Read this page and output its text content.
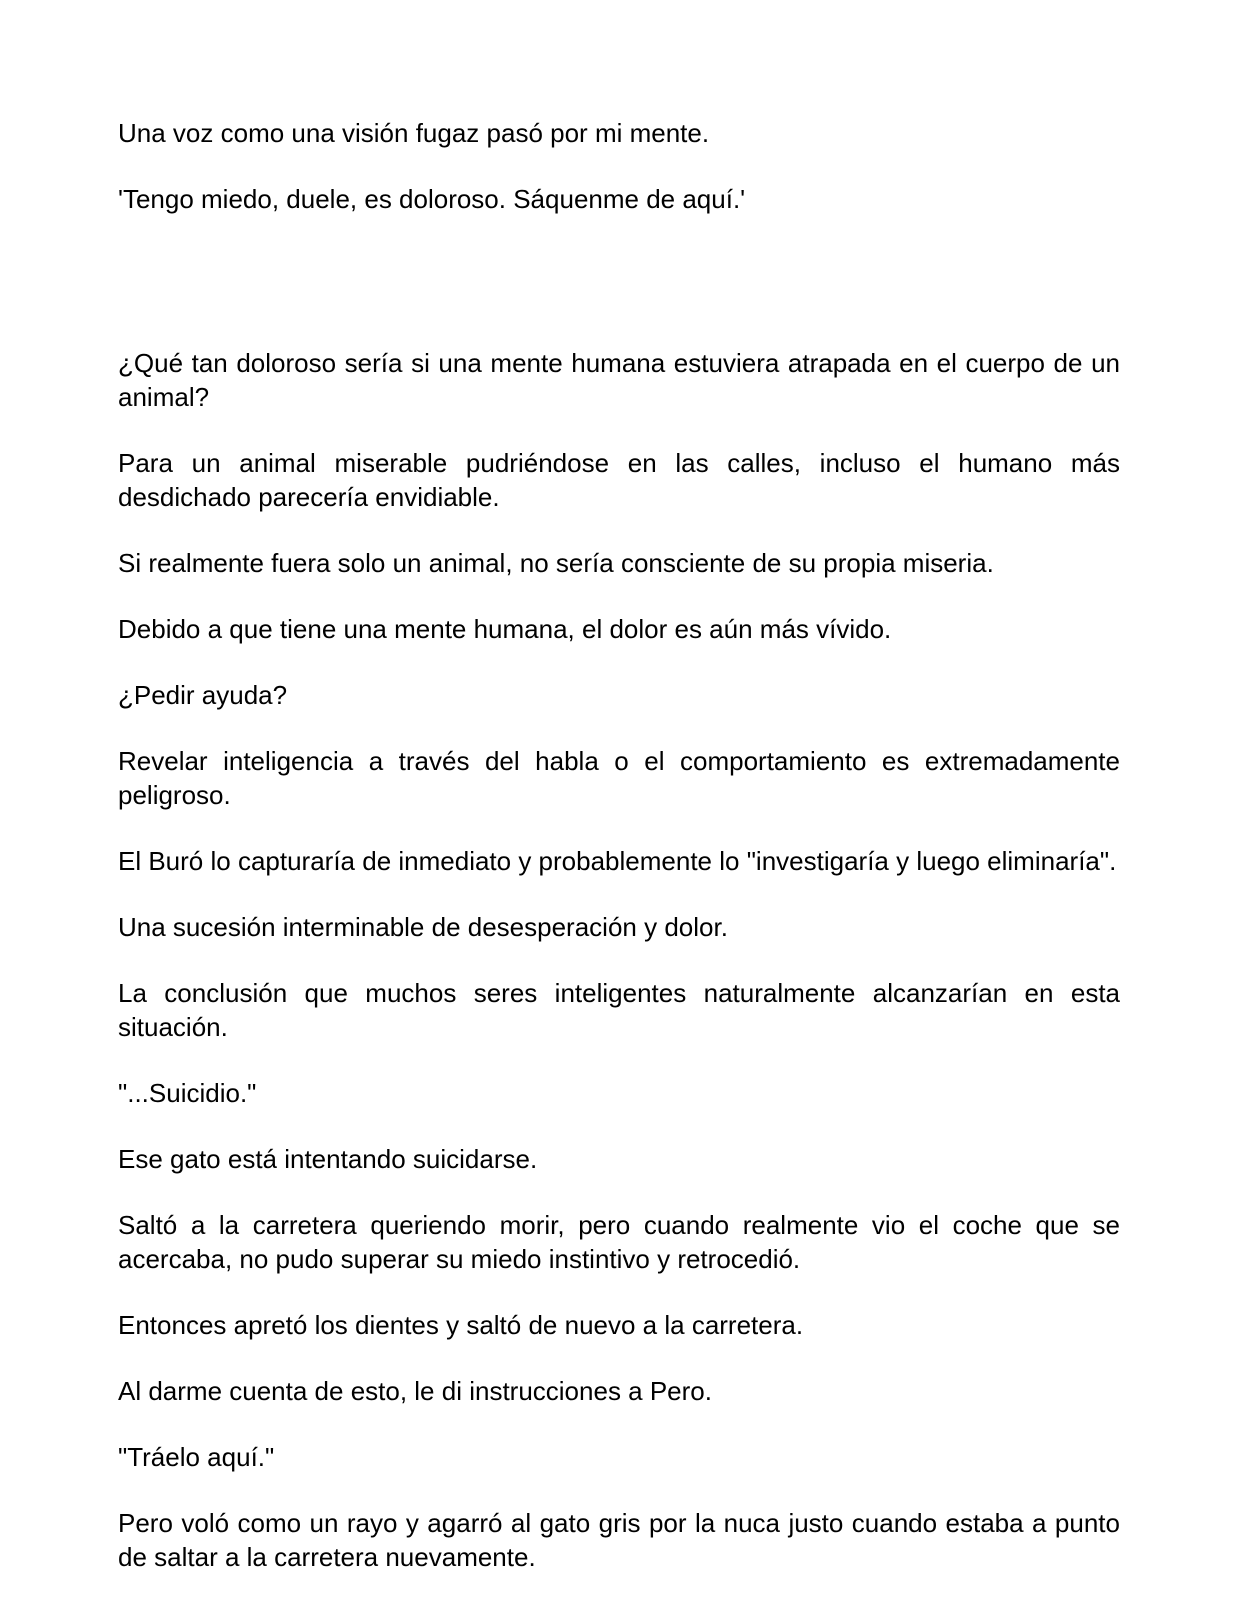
Una voz como una visión fugaz pasó por mi mente.

'Tengo miedo, duele, es doloroso. Sáquenme de aquí.'

¿Qué tan doloroso sería si una mente humana estuviera atrapada en el cuerpo de un animal?

Para un animal miserable pudriéndose en las calles, incluso el humano más desdichado parecería envidiable.

Si realmente fuera solo un animal, no sería consciente de su propia miseria.

Debido a que tiene una mente humana, el dolor es aún más vívido.

¿Pedir ayuda?

Revelar inteligencia a través del habla o el comportamiento es extremadamente peligroso.

El Buró lo capturaría de inmediato y probablemente lo "investigaría y luego eliminaría".

Una sucesión interminable de desesperación y dolor.

La conclusión que muchos seres inteligentes naturalmente alcanzarían en esta situación.

"...Suicidio."

Ese gato está intentando suicidarse.

Saltó a la carretera queriendo morir, pero cuando realmente vio el coche que se acercaba, no pudo superar su miedo instintivo y retrocedió.

Entonces apretó los dientes y saltó de nuevo a la carretera.

Al darme cuenta de esto, le di instrucciones a Pero.

"Tráelo aquí."

Pero voló como un rayo y agarró al gato gris por la nuca justo cuando estaba a punto de saltar a la carretera nuevamente.
